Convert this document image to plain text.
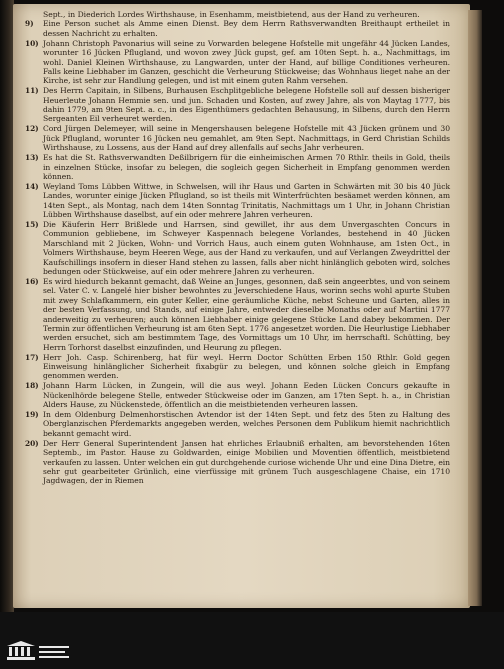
Sept., in Diederich Lordes Wirthshause, in Esenhamm, meistbietend, aus der Hand zu verheuren.
9)	Eine Person suchet als Amme einen Dienst. Bey dem Herrn Rathsverwandten Breithaupt ertheilet in dessen Nachricht zu erhalten.
10) Johann Christoph Pavonarius will seine zu Vorwarden belegene Hofstelle mit ungefähr 44 Jücken Landes, worunter 16 Jücken Pflugland, und wovon zwey Jück gupst, gef. am 10ten Sept. h. a., Nachmittags, im wohl. Daniel Kleinen Wirthshause, zu Langwarden, unter der Hand, auf billige Conditiones verheuren. Falls keine Liebhaber im Ganzen, geschicht die Verheurung Stückweise; das Wohnhaus lieget nahe an der Kirche, ist sehr zur Handlung gelegen, und ist mit einem guten Rahm versehen.
11) Des Herrn Capitain, in Silbens, Burhausen Eschplitgebliche belegene Hofstelle soll auf dessen bisheriger Heuerleute Johann Hemmie sen. und jun. Schaden und Kosten, auf zwey Jahre, als von Maytag 1777, bis dahin 1779, am 9ten Sept. a. c., in des Eigenthümers gedachten Behausung, in Silbens, durch den Herrn Sergeanten Eil verheuret werden.
12) Cord Jürgen Delemeyer, will seine in Mengershausen belegene Hofstelle mit 43 Jücken grünem und 30 Jück Pflugland, worunter 16 Jücken neu gemahlet, am 9ten Sept. Nachmittags, in Gerd Christian Schilds Wirthshause, zu Lossens, aus der Hand auf drey allenfalls auf sechs Jahr verheuren.
13) Es hat die St. Rathsverwandten Deßilbrigern für die einheimischen Armen 70 Rthlr. theils in Gold, theils in einzelnen Stücke, insofar zu belegen, die sogleich gegen Sicherheit in Empfang genommen werden können.
14) Weyland Toms Lübben Wittwe, in Schwelsen, will ihr Haus und Garten in Schwärten mit 30 bis 40 Jück Landes, worunter einige Jücken Pflugland, so ist theils mit Winterfrüchten besäamet werden können, am 14ten Sept., als Montag, nach dem 14ten Sonntag Trinitatis, Nachmittags um 1 Uhr, in Johann Christian Lübben Wirthshause daselbst, auf ein oder mehrere Jahren verheuren.
15) Die Käuferin Herr Brißlede und Harrsen, sind gewillet, ihr aus dem Unvergaschten Concurs in Communion gebliebene, im Schweyer Kaspennach belegene Vorlandes, bestehend in 40 Jücken Marschland mit 2 Jücken, Wohn- und Vorrich Haus, auch einem guten Wohnhause, am 1sten Oct., in Volmers Wirthshause, beym Heeren Wege, aus der Hand zu verkaufen, und auf Verlangen Zweydrittel der Kaufschillings insofern in dieser Hand stehen zu lassen, falls aber nicht hinlänglich geboten wird, solches bedungen oder Stückweise, auf ein oder mehrere Jahren zu verheuren.
16) Es wird hiedurch bekannt gemacht, daß Weine an Junges, gesonnen, daß sein angeerbtes, und von seinem sel. Vater C. v. Langelé hier bisher bewohntes zu Jeverschiedene Haus, worinn sechs wohl apurte Stuben mit zwey Schlafkammern, ein guter Keller, eine geräumliche Küche, nebst Scheune und Garten, alles in der besten Verfassung, und Stands, auf einige Jahre, entweder dieselbe Monaths oder auf Martini 1777 anderweitig zu verheuren; auch können Liebhaber einige gelegene Stücke Land dabey bekommen. Der Termin zur öffentlichen Verheurung ist am 6ten Sept. 1776 angesetzet worden. Die Heurlustige Liebhaber werden ersuchet, sich am bestimmtem Tage, des Vormittags um 10 Uhr, im herrschaftl. Schütting, bey Herrn Torhorst daselbst einzufinden, und Heurung zu pflegen.
17) Herr Joh. Casp. Schirenberg, hat für weyl. Herrn Doctor Schütten Erben 150 Rthlr. Gold gegen Einweisung hinlänglicher Sicherheit fixabgür zu belegen, und können solche gleich in Empfang genommen werden.
18) Johann Harm Lücken, in Zungein, will die aus weyl. Johann Eeden Lücken Concurs gekaufte in Nückenlhörde belegene Stelle, entweder Stückweise oder im Ganzen, am 17ten Sept. h. a., in Christian Alders Hause, zu Nückenstede, öffentlich an die meistbietenden verheuren lassen.
19) In dem Oldenburg Delmenhorstischen Avtendor ist der 14ten Sept. und fetz des 5ten zu Haltung des Oberglanzischen Pferdemarkts angegeben werden, welches Personen dem Publikum hiemit nachrichtlich bekannt gemacht wird.
20) Der Herr General Superintendent Jansen hat ehrliches Erlaubniß erhalten, am bevorstehenden 16ten Septemb., im Pastor. Hause zu Goldwarden, einige Mobilien und Moventien öffentlich, meistbietend verkaufen zu lassen. Unter welchen ein gut durchgehende curiose wichende Uhr und eine Dina Dietre, ein sehr gut gearbeiteter Grünlich, eine vierfüssige mit grünem Tuch ausgeschlagene Chaise, ein 1710 Jagdwagen, der in Riemen
